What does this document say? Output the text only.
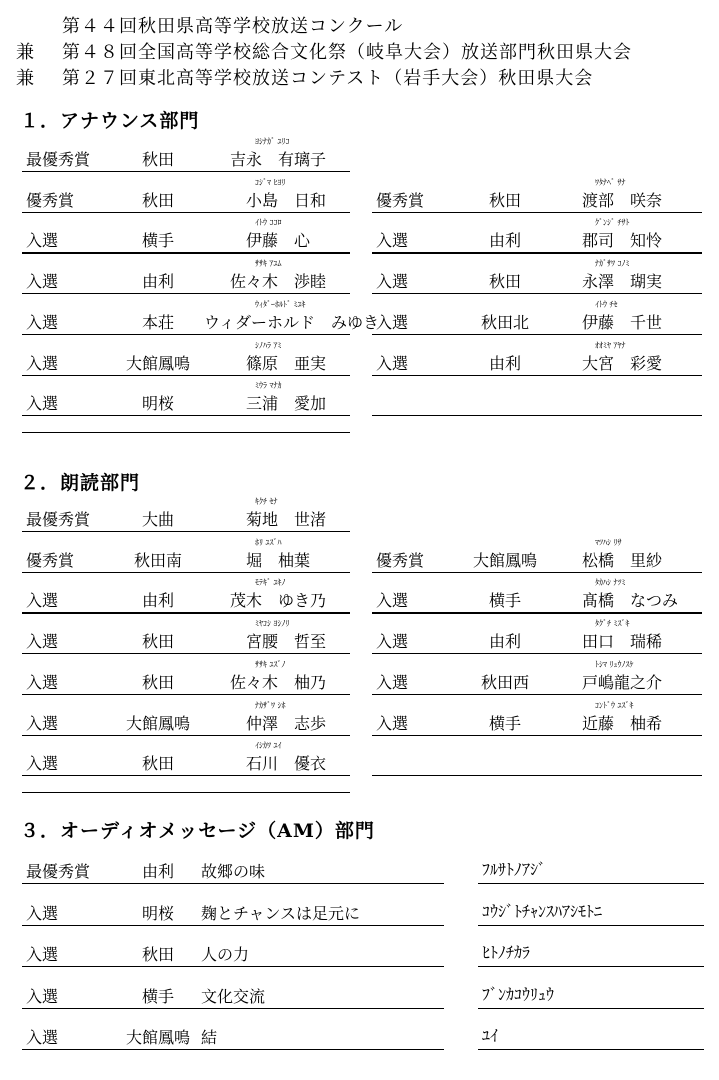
第４４回秋田県高等学校放送コンクール
兼 第４８回全国高等学校総合文化祭（岐阜大会）放送部門秋田県大会
兼 第２７回東北高等学校放送コンテスト（岩手大会）秋田県大会
１．アナウンス部門
２．朗読部門
３．オーディオメッセージ（AM）部門
ﾖｼﾅｶﾞ ﾕﾘｺ
最優秀賞	秋田	吉永　有璃子
ｺｼﾞﾏ ﾋﾖﾘ
優秀賞	秋田	小島　日和
ｲﾄｳ ｺｺﾛ
入選	横手	伊藤　心
ｻｻｷ ｱﾕﾑ
入選	由利	佐々木　渉睦
ｳｨﾀﾞｰﾎﾙﾄﾞ ﾐﾕｷ
入選	本荘 ウィダーホルド　みゆき
ｼﾉﾊﾗ ｱﾐ
入選	大館鳳鳴	篠原　亜実
ﾐｳﾗ ﾏﾅｶ
入選	明桜	三浦　愛加
ﾜﾀﾅﾍﾞ ｻﾅ
優秀賞	秋田	渡部　咲奈
ｸﾞﾝｼﾞ ﾁｻﾄ
入選	由利	郡司　知怜
ﾅｶﾞｻﾜ ｺﾉﾐ
入選	秋田	永澤　瑚実
ｲﾄｳ ﾁｾ
入選	秋田北	伊藤　千世
ｵｵﾐﾔ ｱﾔﾅ
入選	由利	大宮　彩愛
ｷｸﾁ ｾﾅ
最優秀賞	大曲	菊地　世渚
ﾎﾘ ﾕｽﾞﾊ
優秀賞	秋田南	堀　柚葉
ﾓﾃｷﾞ ﾕｷﾉ
入選	由利	茂木　ゆき乃
ﾐﾔｺｼ ﾖｼﾉﾘ
入選	秋田	宮腰　哲至
ｻｻｷ ﾕｽﾞﾉ
入選	秋田	佐々木　柚乃
ﾅｶｻﾞﾜ ｼﾎ
入選	大館鳳鳴	仲澤　志歩
ｲｼｶﾜ ﾕｲ
入選	秋田	石川　優衣
ﾏﾂﾊｼ ﾘｻ
優秀賞	大館鳳鳴	松橋　里紗
ﾀｶﾊｼ ﾅﾂﾐ
入選	横手	髙橋　なつみ
ﾀｸﾞﾁ ﾐｽﾞｷ
入選	由利	田口　瑞稀
ﾄｼﾏ ﾘｭｳﾉｽｹ
入選	秋田西	戸嶋龍之介
ｺﾝﾄﾞｳ ﾕｽﾞｷ
入選	横手	近藤　柚希
最優秀賞	由利 故郷の味	ﾌﾙｻﾄﾉｱｼﾞ
入選	明桜 麹とチャンスは足元に	ｺｳｼﾞﾄﾁｬﾝｽﾊｱｼﾓﾄﾆ
入選	秋田 人の力	ﾋﾄﾉﾁｶﾗ
入選	横手 文化交流	ﾌﾞﾝｶｺｳﾘｭｳ
入選	大館鳳鳴 結	ﾕｲ
